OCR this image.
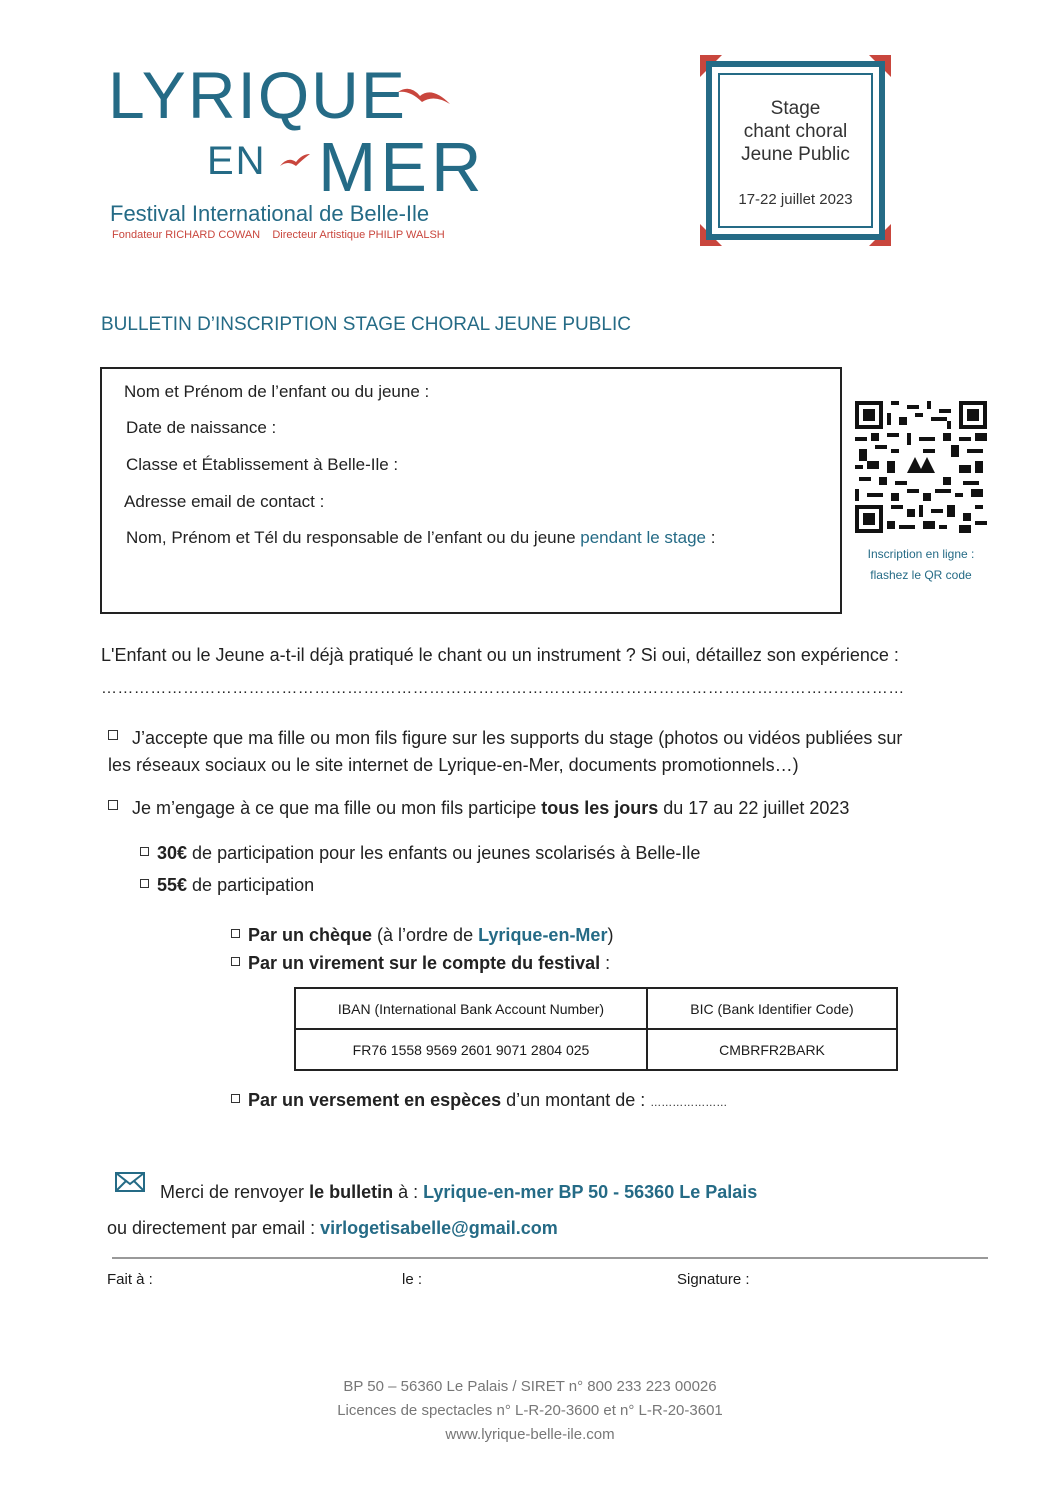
LYRIQUE
EN MER
Festival International de Belle-Ile
Fondateur RICHARD COWAN    Directeur Artistique PHILIP WALSH
Stage
chant choral
Jeune Public
17-22 juillet 2023
BULLETIN D’INSCRIPTION STAGE CHORAL JEUNE PUBLIC
Nom et Prénom de l’enfant ou du jeune :
Date de naissance :
Classe et Établissement à Belle-Ile :
Adresse email de contact :
Nom, Prénom et Tél du responsable de l’enfant ou du jeune pendant le stage :
Inscription en ligne :
flashez le QR code
L'Enfant ou le Jeune a-t-il déjà pratiqué le chant ou un instrument ? Si oui, détaillez son expérience :
…………………………………………………………………………………………………………………………………
J’accepte que ma fille ou mon fils figure sur les supports du stage (photos ou vidéos publiées sur
les réseaux sociaux ou le site internet de Lyrique-en-Mer, documents promotionnels…)
Je m’engage à ce que ma fille ou mon fils participe tous les jours du 17 au 22 juillet 2023
30€ de participation pour les enfants ou jeunes scolarisés à Belle-Ile
55€ de participation
Par un chèque (à l’ordre de Lyrique-en-Mer)
Par un virement sur le compte du festival :
IBAN (International Bank Account Number)	BIC (Bank Identifier Code)
FR76 1558 9569 2601 9071 2804 025	CMBRFR2BARK
Par un versement en espèces d’un montant de : …………………
Merci de renvoyer le bulletin à : Lyrique-en-mer BP 50 - 56360 Le Palais
ou directement par email : virlogetisabelle@gmail.com
Fait à :	le :	Signature :
BP 50 – 56360 Le Palais / SIRET n° 800 233 223 00026
Licences de spectacles n° L-R-20-3600 et n° L-R-20-3601
www.lyrique-belle-ile.com
